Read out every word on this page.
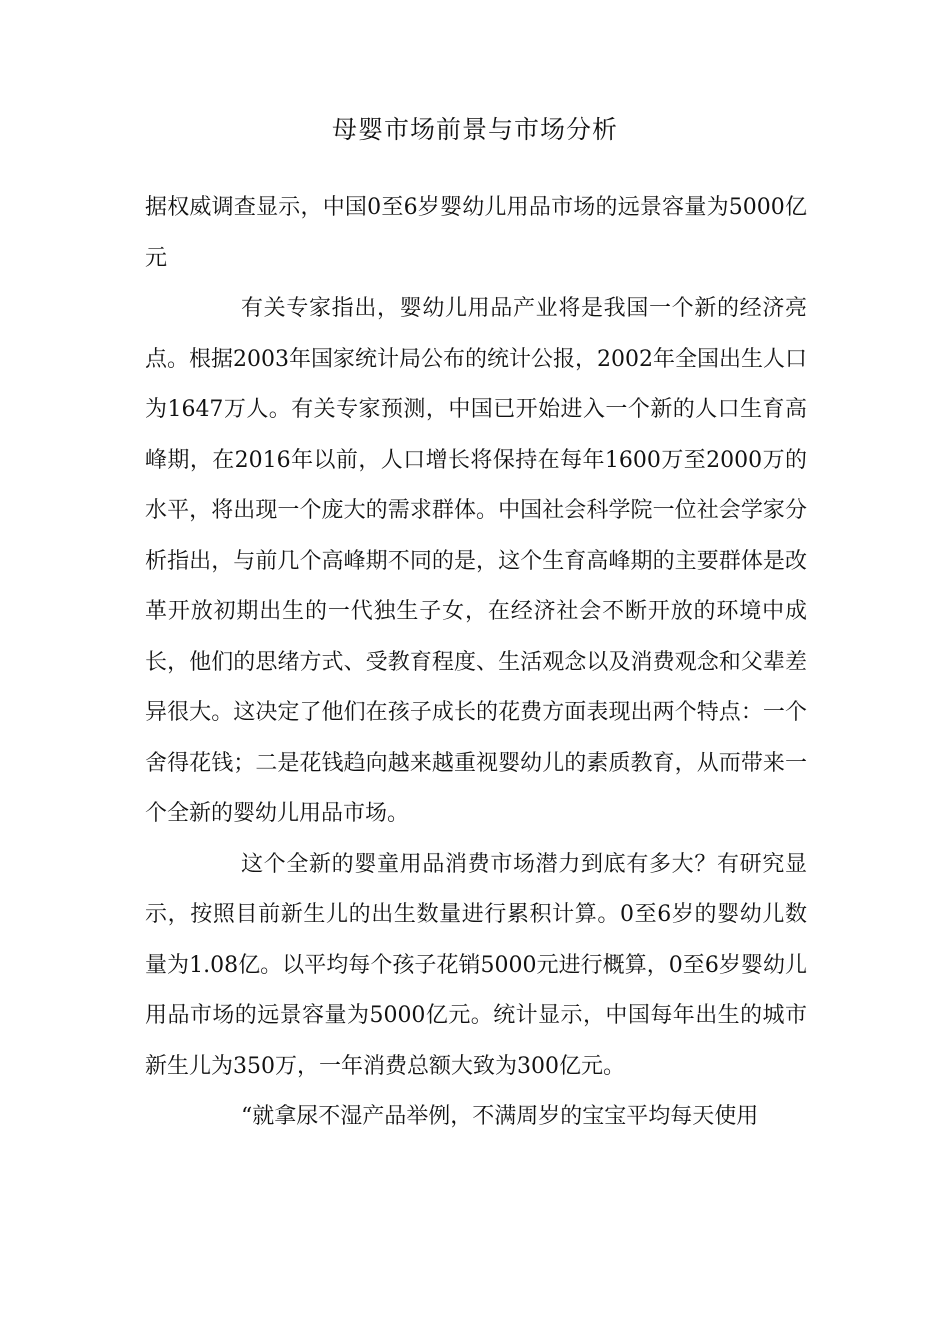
母婴市场前景与市场分析

据权威调查显示，中国0至6岁婴幼儿用品市场的远景容量为5000亿元

有关专家指出，婴幼儿用品产业将是我国一个新的经济亮点。根据2003年国家统计局公布的统计公报，2002年全国出生人口为1647万人。有关专家预测，中国已开始进入一个新的人口生育高峰期，在2016年以前，人口增长将保持在每年1600万至2000万的水平，将出现一个庞大的需求群体。中国社会科学院一位社会学家分析指出，与前几个高峰期不同的是，这个生育高峰期的主要群体是改革开放初期出生的一代独生子女，在经济社会不断开放的环境中成长，他们的思绪方式、受教育程度、生活观念以及消费观念和父辈差异很大。这决定了他们在孩子成长的花费方面表现出两个特点：一个舍得花钱；二是花钱趋向越来越重视婴幼儿的素质教育，从而带来一个全新的婴幼儿用品市场。

这个全新的婴童用品消费市场潜力到底有多大？有研究显示，按照目前新生儿的出生数量进行累积计算。0至6岁的婴幼儿数量为1.08亿。以平均每个孩子花销5000元进行概算，0至6岁婴幼儿用品市场的远景容量为5000亿元。统计显示，中国每年出生的城市新生儿为350万，一年消费总额大致为300亿元。

“就拿尿不湿产品举例，不满周岁的宝宝平均每天使用
